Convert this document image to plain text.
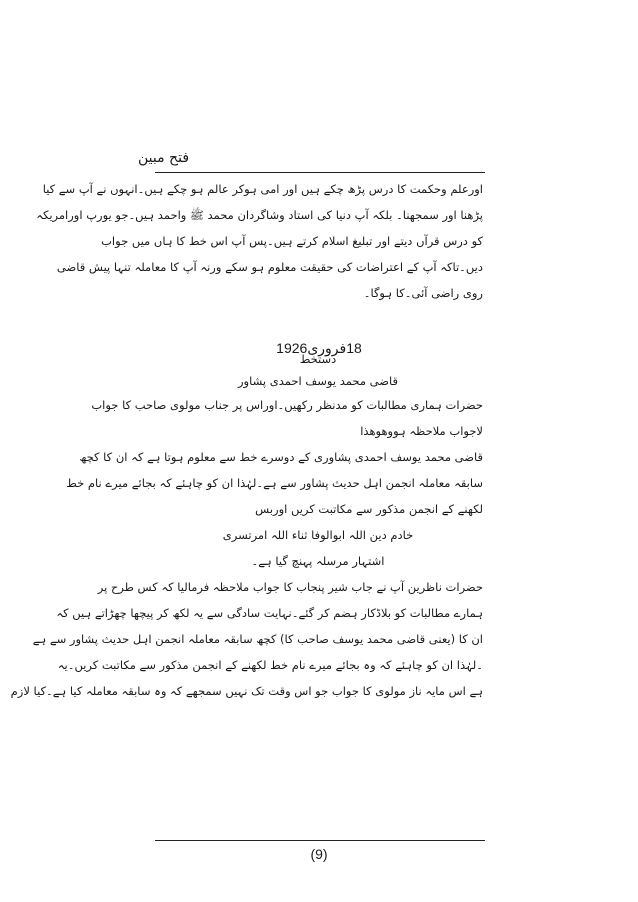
فتح مبین
اورعلم وحکمت کا درس پڑھ چکے ہیں اور امی ہوکر عالم ہو چکے ہیں۔انہوں نے آپ سے کیا
پڑھنا اور سمجھنا۔ بلکہ آپ دنیا کی استاد وشاگردان محمد ﷺ واحمد ہیں۔جو یورپ اورامریکہ
کو درس قرآں دیتے اور تبلیغ اسلام کرتے ہیں۔پس آپ اس خط کا ہاں میں جواب
دیں۔تاکہ آپ کے اعتراضات کی حقیقت معلوم ہو سکے ورنہ آپ کا معاملہ تنہا پیش قاضی
روی راضی آئی۔کا ہوگا۔
18فروری1926
دستخط
قاضی محمد یوسف احمدی پشاور
حضرات ہماری مطالبات کو مدنظر رکھیں۔اوراس پر جناب مولوی صاحب کا جواب
لاجواب ملاحظہ ہووھوھذا
قاضی محمد یوسف احمدی پشاوری کے دوسرے خط سے معلوم ہوتا ہے کہ ان کا کچھ
سابقہ معاملہ انجمن اہل حدیث پشاور سے ہے۔لہٰذا ان کو چاہئے کہ بجائے میرے نام خط
لکھنے کے انجمن مذکور سے مکاتبت کریں اوربس
خادم دین اللہ ابوالوفا ثناء اللہ امرتسری
اشتہار مرسلہ پہنچ گیا ہے۔
حضرات ناظرین آپ نے جاب شیر پنجاب کا جواب ملاحظہ فرمالیا کہ کس طرح پر
ہمارے مطالبات کو بلاڈکار ہضم کر گئے۔نہایت سادگی سے یہ لکھ کر پیچھا چھڑاتے ہیں کہ
ان کا (یعنی قاضی محمد یوسف صاحب کا) کچھ سابقہ معاملہ انجمن اہل حدیث پشاور سے ہے
۔لہٰذا ان کو چاہئے کہ وہ بجائے میرے نام خط لکھنے کے انجمن مذکور سے مکاتبت کریں۔یہ
ہے اس مایہ ناز مولوی کا جواب جو اس وقت تک نہیں سمجھے کہ وہ سابقہ معاملہ کیا ہے۔کیا لازم
(9)
